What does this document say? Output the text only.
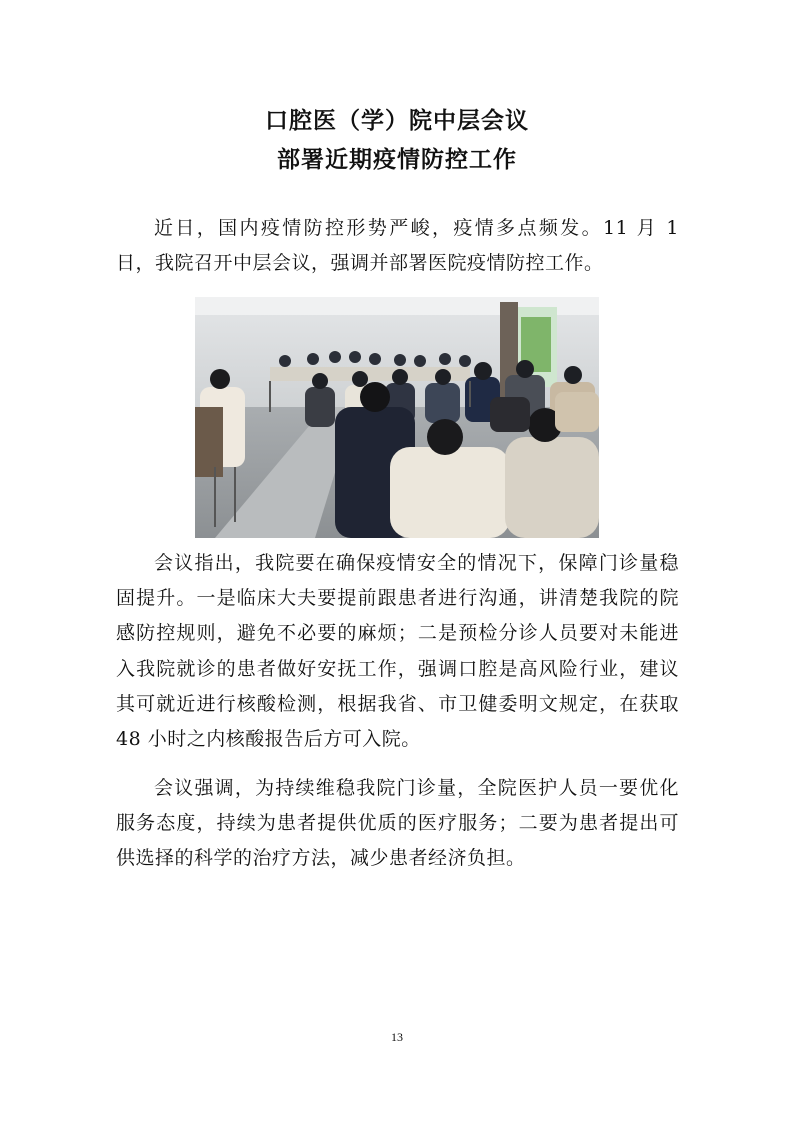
口腔医（学）院中层会议
部署近期疫情防控工作
近日，国内疫情防控形势严峻，疫情多点频发。11 月 1 日，我院召开中层会议，强调并部署医院疫情防控工作。
会议指出，我院要在确保疫情安全的情况下，保障门诊量稳固提升。一是临床大夫要提前跟患者进行沟通，讲清楚我院的院感防控规则，避免不必要的麻烦；二是预检分诊人员要对未能进入我院就诊的患者做好安抚工作，强调口腔是高风险行业，建议其可就近进行核酸检测，根据我省、市卫健委明文规定，在获取 48 小时之内核酸报告后方可入院。
会议强调，为持续维稳我院门诊量，全院医护人员一要优化服务态度，持续为患者提供优质的医疗服务；二要为患者提出可供选择的科学的治疗方法，减少患者经济负担。
13
